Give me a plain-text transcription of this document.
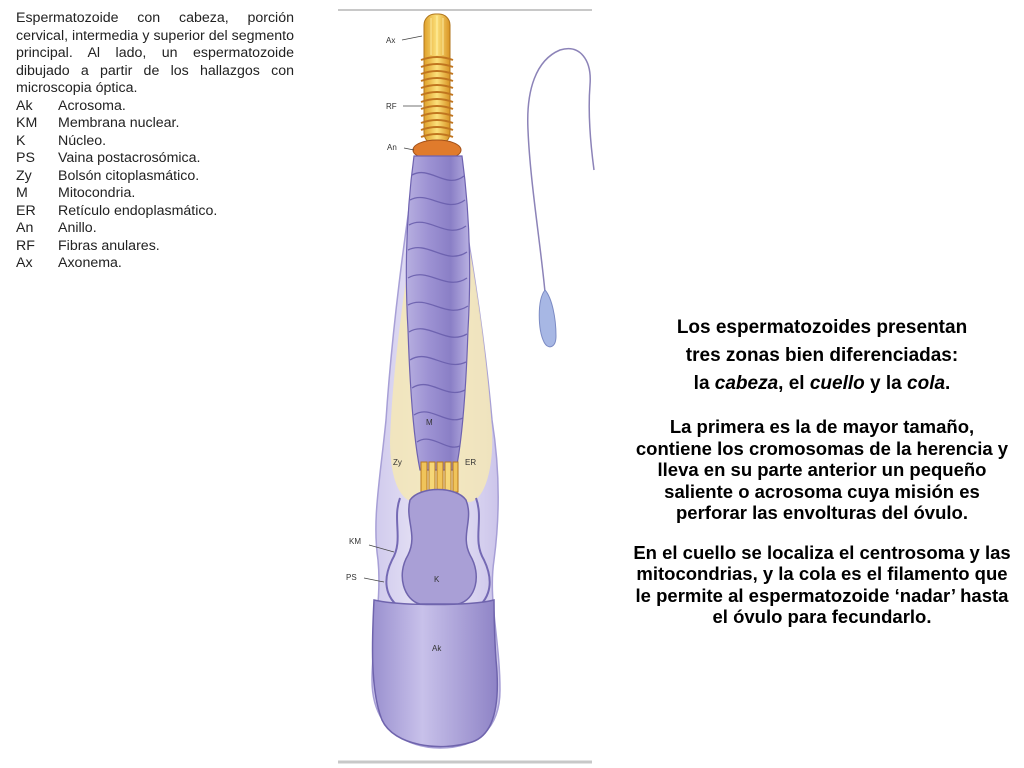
Espermatozoide con cabeza, porción cervical, intermedia y superior del segmento principal. Al lado, un espermatozoide dibujado a partir de los hallazgos con microscopia óptica.
Ak	Acrosoma.
KM	Membrana nuclear.
K	Núcleo.
PS	Vaina postacrosómica.
Zy	Bolsón citoplasmático.
M	Mitocondria.
ER	Retículo endoplasmático.
An	Anillo.
RF	Fibras anulares.
Ax	Axonema.
Ax
RF
An
M
Zy	ER
KM
PS	K
Ak

Los espermatozoides presentan
tres zonas bien diferenciadas:
la cabeza, el cuello y la cola.

La primera es la de mayor tamaño, contiene los cromosomas de la herencia y lleva en su parte anterior un pequeño saliente o acrosoma cuya misión es perforar las envolturas del óvulo.

En el cuello se localiza el centrosoma y las mitocondrias, y la cola es el filamento que le permite al espermatozoide ‘nadar’ hasta el óvulo para fecundarlo.
